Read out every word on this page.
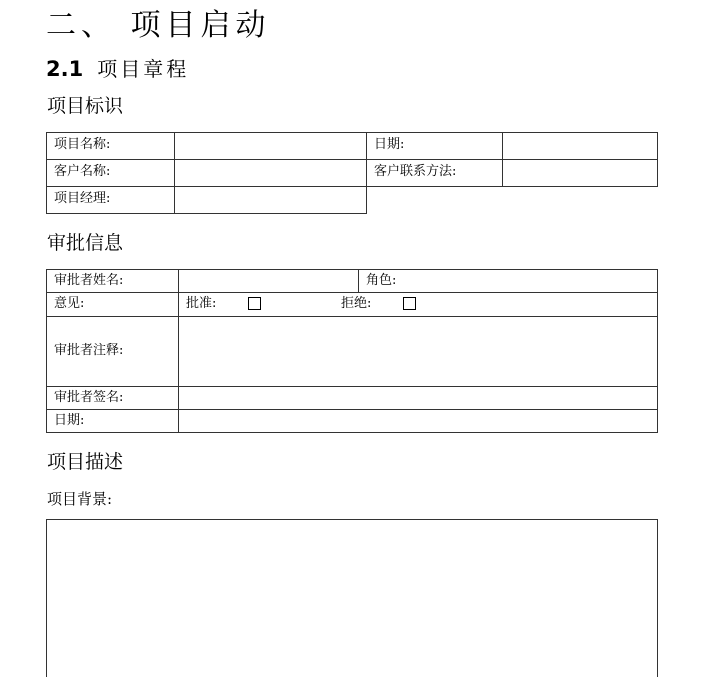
二、 项目启动
2.1 项目章程
项目标识
项目名称:	日期:
客户名称:	客户联系方法:
项目经理:
审批信息
审批者姓名:	角色:
意见:	批准:	拒绝:
审批者注释:
审批者签名:
日期:
项目描述
项目背景:
